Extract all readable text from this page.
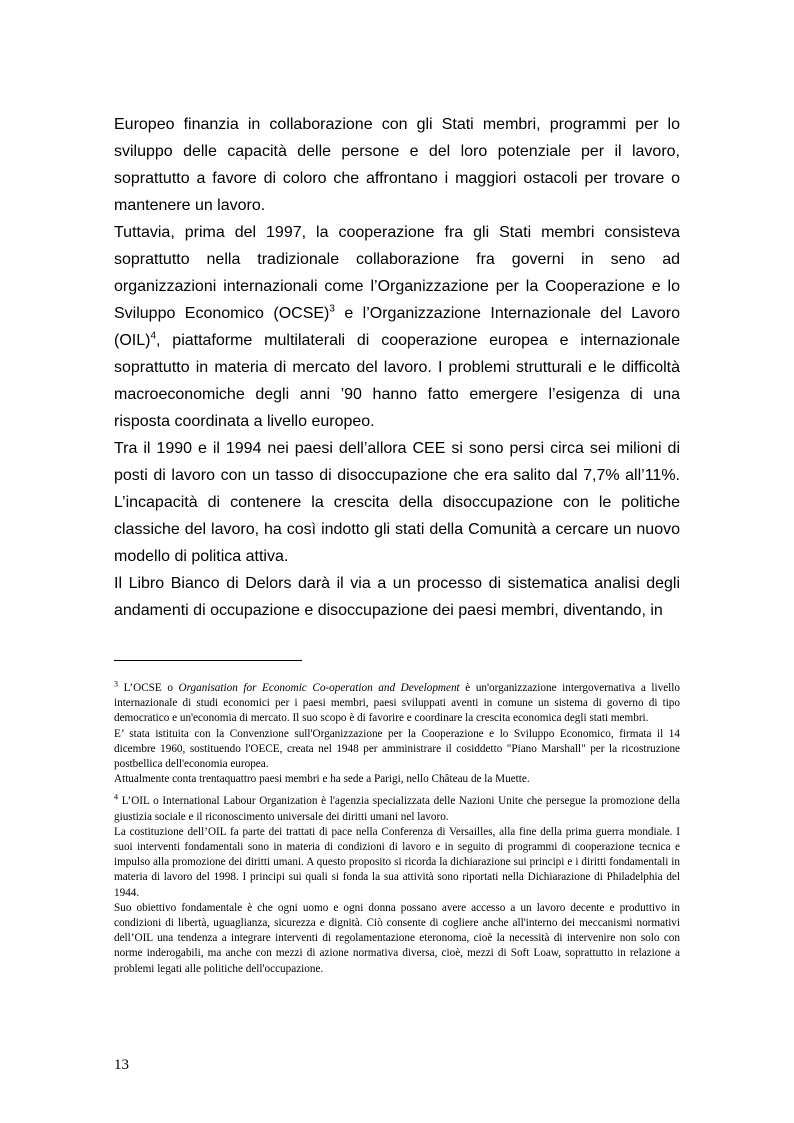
Europeo finanzia in collaborazione con gli Stati membri, programmi per lo sviluppo delle capacità delle persone e del loro potenziale per il lavoro, soprattutto a favore di coloro che affrontano i maggiori ostacoli per trovare o mantenere un lavoro.

Tuttavia, prima del 1997, la cooperazione fra gli Stati membri consisteva soprattutto nella tradizionale collaborazione fra governi in seno ad organizzazioni internazionali come l’Organizzazione per la Cooperazione e lo Sviluppo Economico (OCSE)$^3$ e l’Organizzazione Internazionale del Lavoro (OIL)$^4$, piattaforme multilaterali di cooperazione europea e internazionale soprattutto in materia di mercato del lavoro. I problemi strutturali e le difficoltà macroeconomiche degli anni ’90 hanno fatto emergere l’esigenza di una risposta coordinata a livello europeo.

Tra il 1990 e il 1994 nei paesi dell’allora CEE si sono persi circa sei milioni di posti di lavoro con un tasso di disoccupazione che era salito dal 7,7% all’11%. L’incapacità di contenere la crescita della disoccupazione con le politiche classiche del lavoro, ha così indotto gli stati della Comunità a cercare un nuovo modello di politica attiva.

Il Libro Bianco di Delors darà il via a un processo di sistematica analisi degli andamenti di occupazione e disoccupazione dei paesi membri, diventando, in

$^3$ L’OCSE o Organisation for Economic Co-operation and Development è un'organizzazione intergovernativa a livello internazionale di studi economici per i paesi membri, paesi sviluppati aventi in comune un sistema di governo di tipo democratico e un'economia di mercato. Il suo scopo è di favorire e coordinare la crescita economica degli stati membri.

E’ stata istituita con la Convenzione sull'Organizzazione per la Cooperazione e lo Sviluppo Economico, firmata il 14 dicembre 1960, sostituendo l'OECE, creata nel 1948 per amministrare il cosiddetto "Piano Marshall" per la ricostruzione postbellica dell'economia europea.

Attualmente conta trentaquattro paesi membri e ha sede a Parigi, nello Château de la Muette.

$^4$ L’OIL o International Labour Organization è l'agenzia specializzata delle Nazioni Unite che persegue la promozione della giustizia sociale e il riconoscimento universale dei diritti umani nel lavoro.

La costituzione dell’OIL fa parte dei trattati di pace nella Conferenza di Versailles, alla fine della prima guerra mondiale. I suoi interventi fondamentali sono in materia di condizioni di lavoro e in seguito di programmi di cooperazione tecnica e impulso alla promozione dei diritti umani. A questo proposito si ricorda la dichiarazione sui principi e i diritti fondamentali in materia di lavoro del 1998. I principi sui quali si fonda la sua attività sono riportati nella Dichiarazione di Philadelphia del 1944.

Suo obiettivo fondamentale è che ogni uomo e ogni donna possano avere accesso a un lavoro decente e produttivo in condizioni di libertà, uguaglianza, sicurezza e dignità. Ciò consente di cogliere anche all'interno dei meccanismi normativi dell’OIL una tendenza a integrare interventi di regolamentazione eteronoma, cioè la necessità di intervenire non solo con norme inderogabili, ma anche con mezzi di azione normativa diversa, cioè, mezzi di Soft Loaw, soprattutto in relazione a problemi legati alle politiche dell'occupazione.

13
